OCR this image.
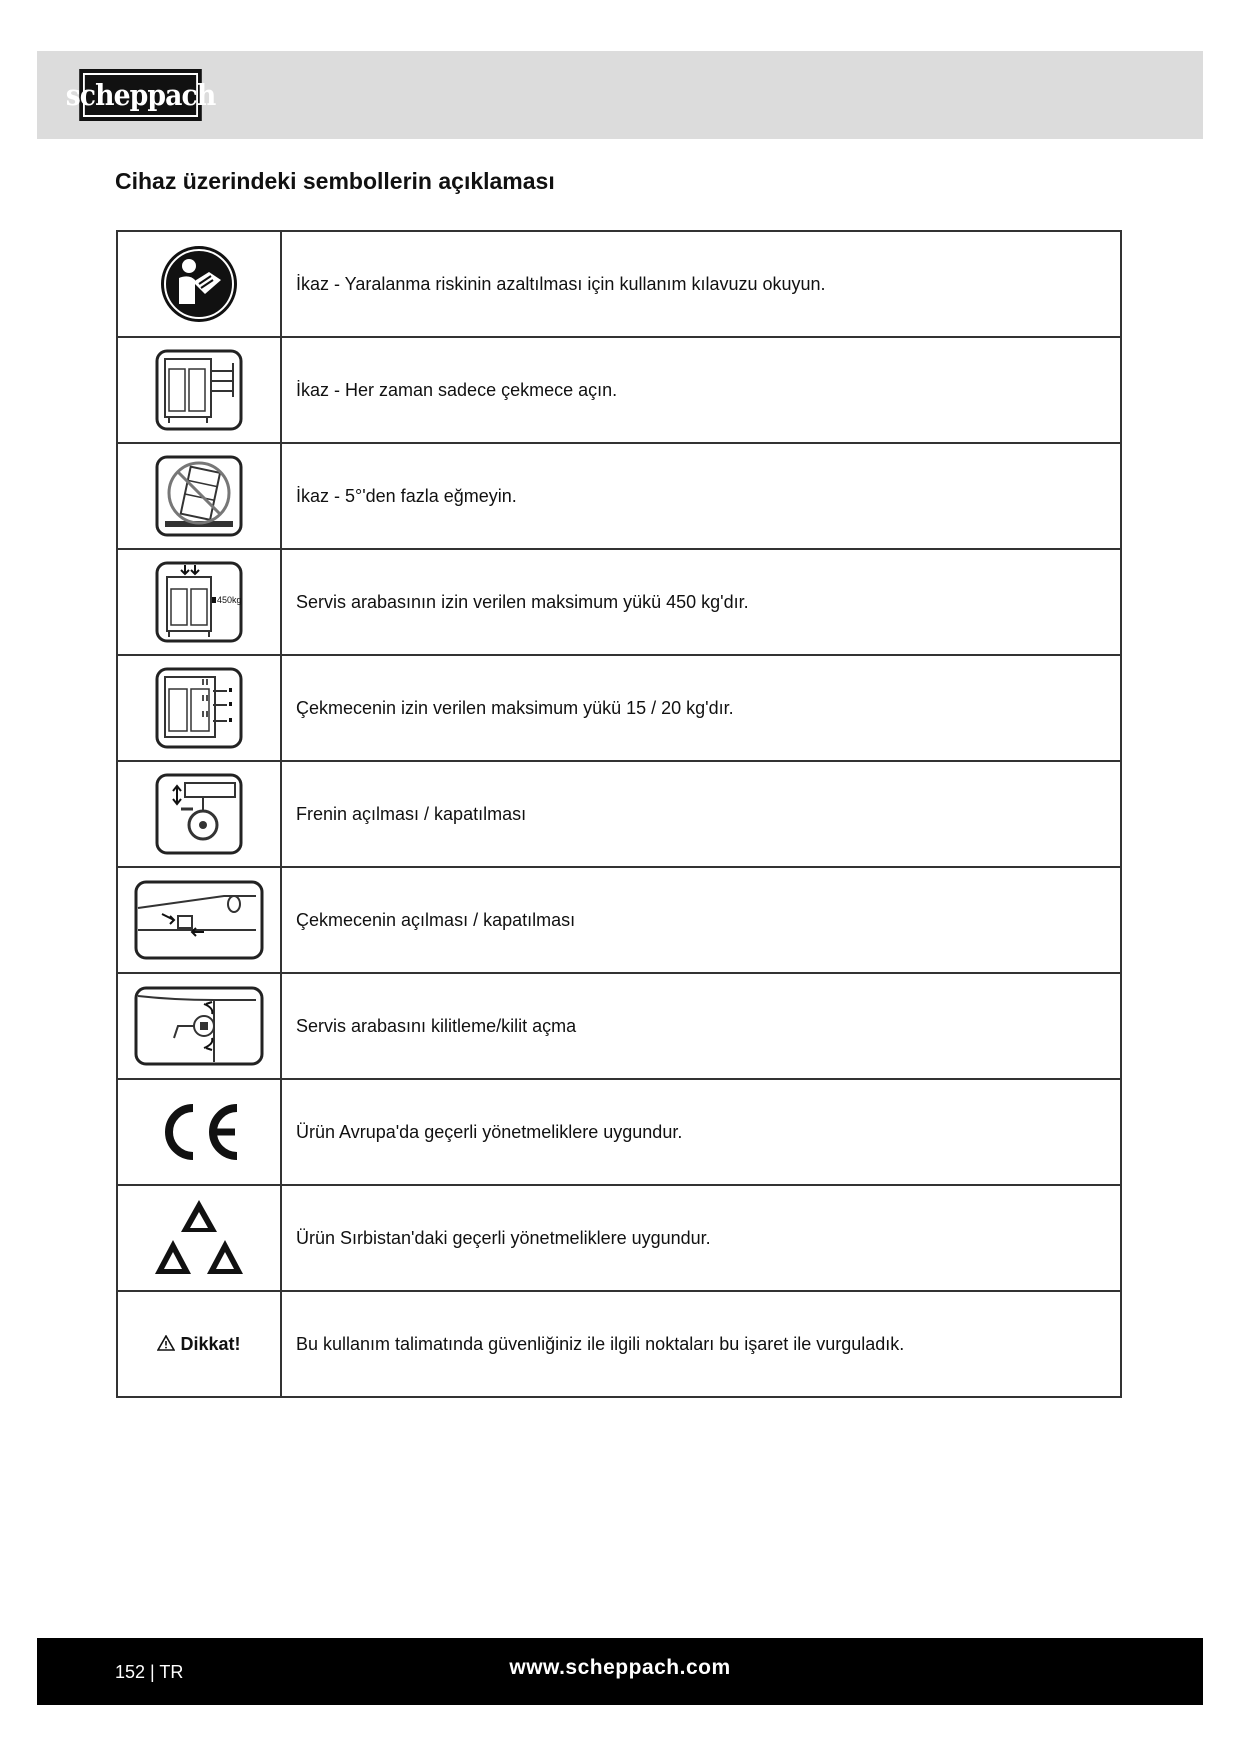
scheppach
Cihaz üzerindeki sembollerin açıklaması
	İkaz - Yaralanma riskinin azaltılması için kullanım kılavuzu okuyun.
	İkaz - Her zaman sadece çekmece açın.
	İkaz - 5°'den fazla eğmeyin.

450kg	Servis arabasının izin verilen maksimum yükü 450 kg'dır.
	Çekmecenin izin verilen maksimum yükü 15 / 20 kg'dır.
	Frenin açılması / kapatılması
	Çekmecenin açılması / kapatılması
	Servis arabasını kilitleme/kilit açma
	Ürün Avrupa'da geçerli yönetmeliklere uygundur.
	Ürün Sırbistan'daki geçerli yönetmeliklere uygundur.
Dikkat!	Bu kullanım talimatında güvenliğiniz ile ilgili noktaları bu işaret ile vurguladık.
152 | TR	www.scheppach.com
